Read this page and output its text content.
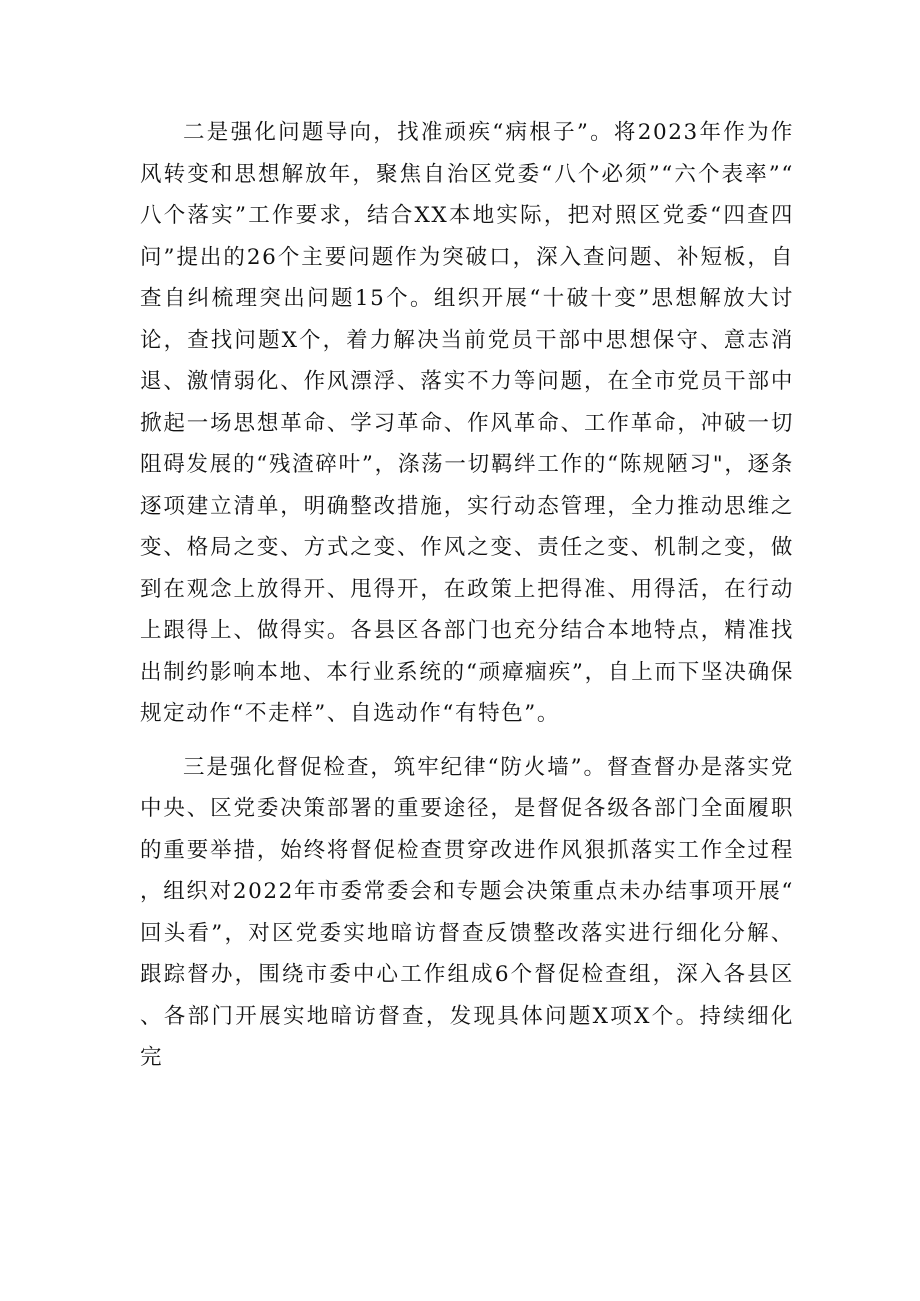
二是强化问题导向，找准顽疾“病根子”。将2023年作为作风转变和思想解放年，聚焦自治区党委“八个必须”“六个表率”“八个落实”工作要求，结合XX本地实际，把对照区党委“四查四问”提出的26个主要问题作为突破口，深入查问题、补短板，自查自纠梳理突出问题15个。组织开展“十破十变”思想解放大讨论，查找问题X个，着力解决当前党员干部中思想保守、意志消退、激情弱化、作风漂浮、落实不力等问题，在全市党员干部中掀起一场思想革命、学习革命、作风革命、工作革命，冲破一切阻碍发展的“残渣碎叶”，涤荡一切羁绊工作的“陈规陋习"，逐条逐项建立清单，明确整改措施，实行动态管理，全力推动思维之变、格局之变、方式之变、作风之变、责任之变、机制之变，做到在观念上放得开、甩得开，在政策上把得准、用得活，在行动上跟得上、做得实。各县区各部门也充分结合本地特点，精准找出制约影响本地、本行业系统的“顽瘴痼疾”，自上而下坚决确保规定动作“不走样”、自选动作“有特色”。

三是强化督促检查，筑牢纪律“防火墙”。督查督办是落实党中央、区党委决策部署的重要途径，是督促各级各部门全面履职的重要举措，始终将督促检查贯穿改进作风狠抓落实工作全过程，组织对2022年市委常委会和专题会决策重点未办结事项开展“回头看”，对区党委实地暗访督查反馈整改落实进行细化分解、跟踪督办，围绕市委中心工作组成6个督促检查组，深入各县区、各部门开展实地暗访督查，发现具体问题X项X个。持续细化完
